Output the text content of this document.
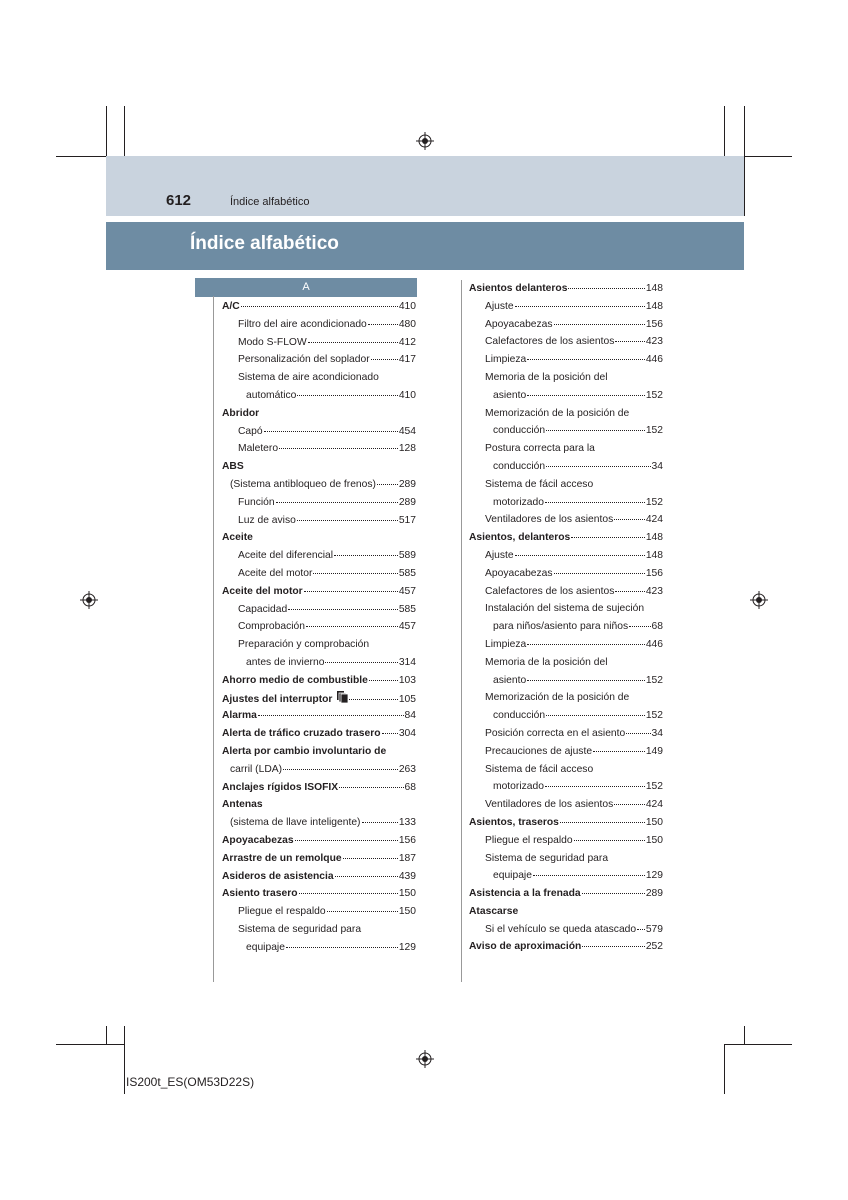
612	Índice alfabético
Índice alfabético
A
A/C	410
Filtro del aire acondicionado	480
Modo S-FLOW	412
Personalización del soplador	417
Sistema de aire acondicionado
automático	410
Abridor
Capó	454
Maletero	128
ABS
(Sistema antibloqueo de frenos) 289
Función	289
Luz de aviso	517
Aceite
Aceite del diferencial	589
Aceite del motor	585
Aceite del motor	457
Capacidad	585
Comprobación	457
Preparación y comprobación
antes de invierno	314
Ahorro medio de combustible	103
Ajustes del interruptor	105
Alarma	84
Alerta de tráfico cruzado trasero 304
Alerta por cambio involuntario de
carril (LDA)	263
Anclajes rígidos ISOFIX	68
Antenas
(sistema de llave inteligente)	133
Apoyacabezas	156
Arrastre de un remolque	187
Asideros de asistencia	439
Asiento trasero	150
Pliegue el respaldo	150
Sistema de seguridad para
equipaje	129
Asientos delanteros	148
Ajuste	148
Apoyacabezas	156
Calefactores de los asientos	423
Limpieza	446
Memoria de la posición del
asiento	152
Memorización de la posición de
conducción	152
Postura correcta para la
conducción	34
Sistema de fácil acceso
motorizado	152
Ventiladores de los asientos	424
Asientos, delanteros	148
Ajuste	148
Apoyacabezas	156
Calefactores de los asientos	423
Instalación del sistema de sujeción
para niños/asiento para niños 68
Limpieza	446
Memoria de la posición del
asiento	152
Memorización de la posición de
conducción	152
Posición correcta en el asiento	34
Precauciones de ajuste	149
Sistema de fácil acceso
motorizado	152
Ventiladores de los asientos	424
Asientos, traseros	150
Pliegue el respaldo	150
Sistema de seguridad para
equipaje	129
Asistencia a la frenada	289
Atascarse
Si el vehículo se queda atascado 579
Aviso de aproximación	252
IS200t_ES(OM53D22S)
